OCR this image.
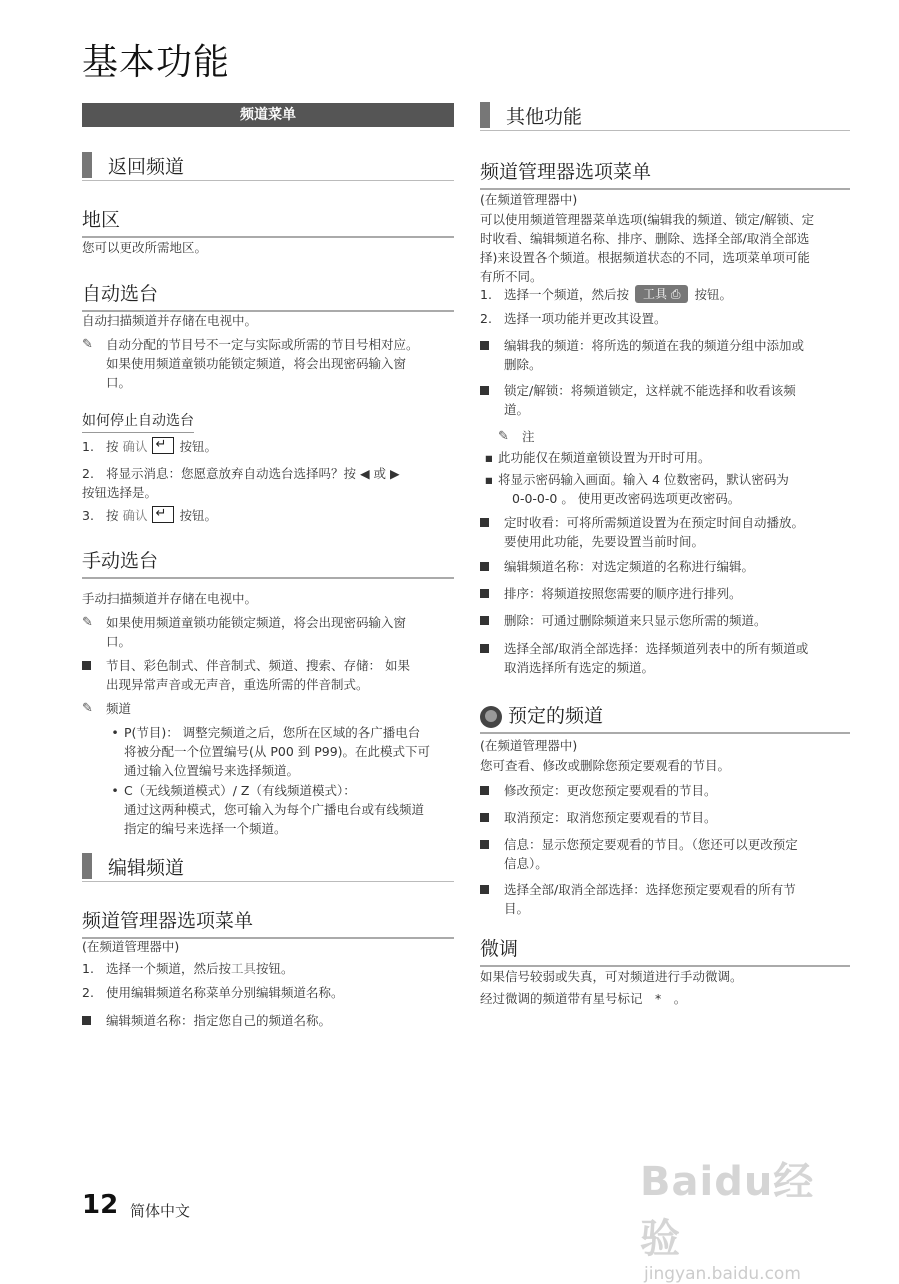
基本功能
频道菜单
返回频道
地区
您可以更改所需地区。
自动选台
自动扫描频道并存储在电视中。
✎	自动分配的节目号不一定与实际或所需的节目号相对应。
如果使用频道童锁功能锁定频道，将会出现密码输入窗
口。
如何停止自动选台
1. 按
确认 ↵	按钮。
2. 将显示消息：您愿意放弃自动选台选择吗？按 ◀ 或 ▶
按钮选择是。
3. 按
确认 ↵	按钮。
手动选台
手动扫描频道并存储在电视中。
✎	如果使用频道童锁功能锁定频道，将会出现密码输入窗
口。
节目、彩色制式、伴音制式、频道、搜索、存储： 如果
出现异常声音或无声音，重选所需的伴音制式。
✎	频道
• P(节目)： 调整完频道之后，您所在区域的各广播电台
将被分配一个位置编号(从 P00 到 P99)。在此模式下可
通过输入位置编号来选择频道。
• C（无线频道模式）/ Z（有线频道模式）：
通过这两种模式，您可输入为每个广播电台或有线频道
指定的编号来选择一个频道。
编辑频道
频道管理器选项菜单
(在频道管理器中)
1. 选择一个频道，然后按 工具 按钮。
2. 使用编辑频道名称菜单分别编辑频道名称。
编辑频道名称：指定您自己的频道名称。
其他功能
频道管理器选项菜单
(在频道管理器中)
可以使用频道管理器菜单选项(编辑我的频道、锁定/解锁、定
时收看、编辑频道名称、排序、删除、选择全部/取消全部选
择)来设置各个频道。根据频道状态的不同，选项菜单项可能
有所不同。
1. 选择一个频道，然后按	工具 ⎙	按钮。
2. 选择一项功能并更改其设置。
编辑我的频道：将所选的频道在我的频道分组中添加或
删除。
锁定/解锁：将频道锁定，这样就不能选择和收看该频
道。
✎	注
▪ 此功能仅在频道童锁设置为开时可用。
▪ 将显示密码输入画面。输入 4 位数密码，默认密码为
0-0-0-0 。 使用更改密码选项更改密码。
定时收看：可将所需频道设置为在预定时间自动播放。
要使用此功能，先要设置当前时间。
编辑频道名称：对选定频道的名称进行编辑。
排序：将频道按照您需要的顺序进行排列。
删除：可通过删除频道来只显示您所需的频道。
选择全部/取消全部选择：选择频道列表中的所有频道或
取消选择所有选定的频道。
预定的频道
(在频道管理器中)
您可查看、修改或删除您预定要观看的节目。
修改预定：更改您预定要观看的节目。
取消预定：取消您预定要观看的节目。
信息：显示您预定要观看的节目。（您还可以更改预定
信息）。
选择全部/取消全部选择：选择您预定要观看的所有节
目。
微调
如果信号较弱或失真，可对频道进行手动微调。
经过微调的频道带有星号标记　*　。
12 简体中文
Baidu经验
jingyan.baidu.com
